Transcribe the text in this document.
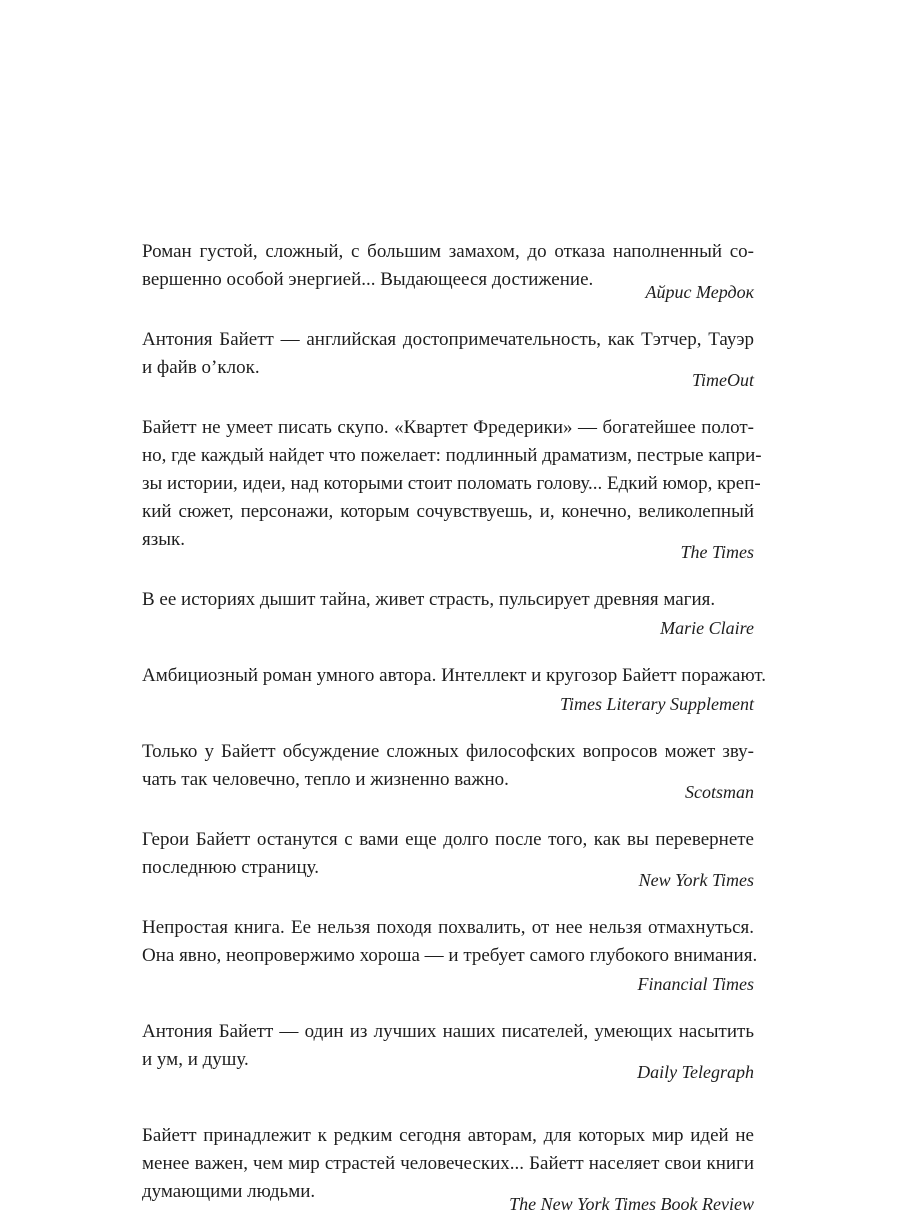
Роман густой, сложный, с большим замахом, до отказа наполненный со-
вершенно особой энергией... Выдающееся достижение.
Айрис Мердок
Антония Байетт — английская достопримечательность, как Тэтчер, Тауэр
и файв о’клок.
TimeOut
Байетт не умеет писать скупо. «Квартет Фредерики» — богатейшее полот-
но, где каждый найдет что пожелает: подлинный драматизм, пестрые капри-
зы истории, идеи, над которыми стоит поломать голову... Едкий юмор, креп-
кий сюжет, персонажи, которым сочувствуешь, и, конечно, великолепный
язык.
The Times
В ее историях дышит тайна, живет страсть, пульсирует древняя магия.
Marie Claire
Амбициозный роман умного автора. Интеллект и кругозор Байетт поражают.
Times Literary Supplement
Только у Байетт обсуждение сложных философских вопросов может зву-
чать так человечно, тепло и жизненно важно.
Scotsman
Герои Байетт останутся с вами еще долго после того, как вы перевернете
последнюю страницу.
New York Times
Непростая книга. Ее нельзя походя похвалить, от нее нельзя отмахнуться.
Она явно, неопровержимо хороша — и требует самого глубокого внимания.
Financial Times
Антония Байетт — один из лучших наших писателей, умеющих насытить
и ум, и душу.
Daily Telegraph
Байетт принадлежит к редким сегодня авторам, для которых мир идей не
менее важен, чем мир страстей человеческих... Байетт населяет свои книги
думающими людьми.
The New York Times Book Review
